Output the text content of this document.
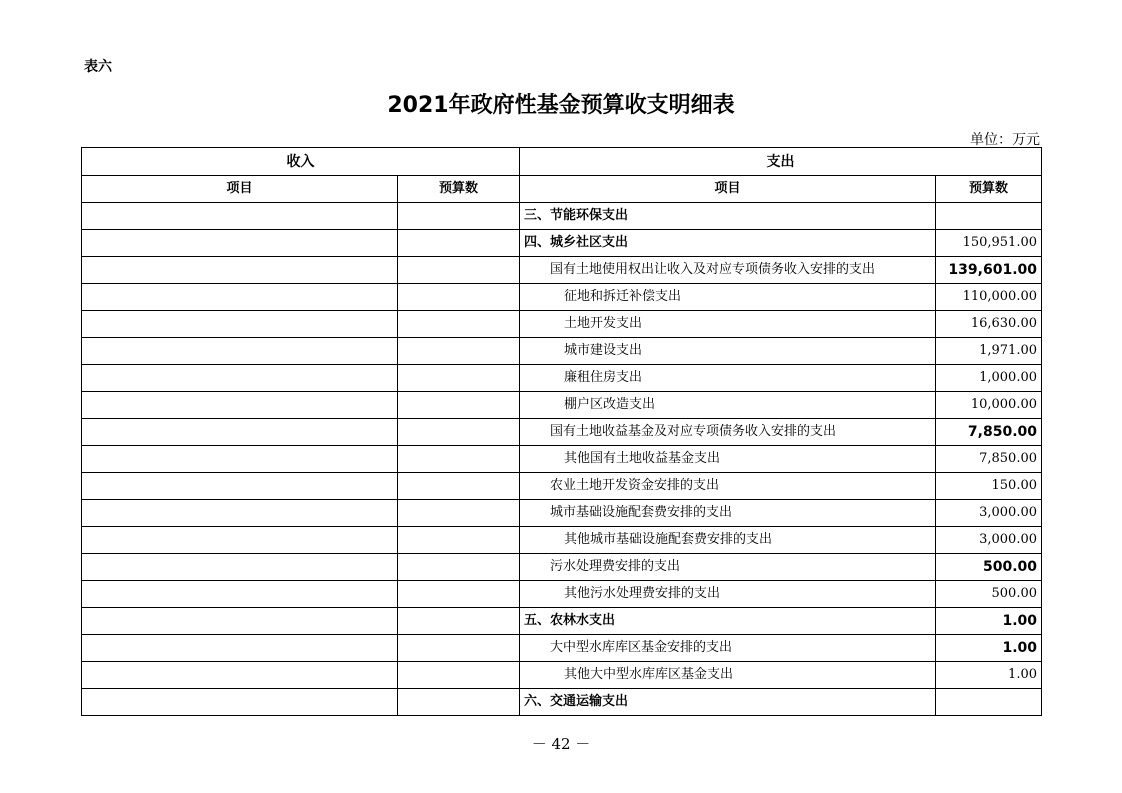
表六
2021年政府性基金预算收支明细表
单位：万元
收入		支出	
项目	预算数	项目	预算数
		三、节能环保支出	
		四、城乡社区支出	150,951.00
		国有土地使用权出让收入及对应专项债务收入安排的支出	139,601.00
		征地和拆迁补偿支出	110,000.00
		土地开发支出	16,630.00
		城市建设支出	1,971.00
		廉租住房支出	1,000.00
		棚户区改造支出	10,000.00
		国有土地收益基金及对应专项债务收入安排的支出	7,850.00
		其他国有土地收益基金支出	7,850.00
		农业土地开发资金安排的支出	150.00
		城市基础设施配套费安排的支出	3,000.00
		其他城市基础设施配套费安排的支出	3,000.00
		污水处理费安排的支出	500.00
		其他污水处理费安排的支出	500.00
		五、农林水支出	1.00
		大中型水库库区基金安排的支出	1.00
		其他大中型水库库区基金支出	1.00
		六、交通运输支出	
－ 42 －
